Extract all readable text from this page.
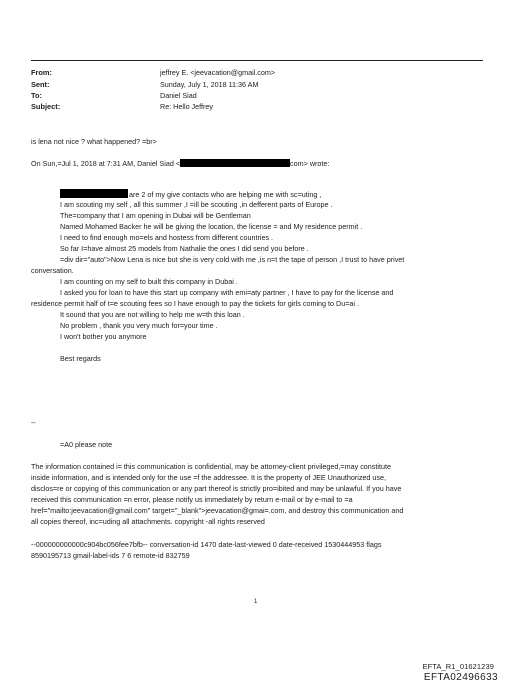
From:
Sent:
To:
Subject:
jeffrey E. <jeevacation@gmail.com>
Sunday, July 1, 2018 11:36 AM
Daniel Siad
Re: Hello Jeffrey
is lena not nice ? what happened? =br>
On Sun,=Jul 1, 2018 at 7:31 AM, Daniel Siad <	com> wrote:
are 2 of my give contacts who are helping me with sc=uting ,
I am scouting my self , all this summer ,I =ill be scouting ,in defferent parts of Europe .
The=company that I am opening in Dubai will be Gentleman
Named Mohamed Backer he will be giving the location, the license = and My residence permit .
I need to find enough mo=els and hostess from different countries .
So far I=have almost 25 models from Nathalie the ones I did send you before .
=div dir="auto">Now Lena is nice but she is very cold with me ,is n=t the tape of person ,I trust to have privet
conversation.
I am counting on my self to built this company in Dubai .
I asked you for loan to have this start up company with emi=aty partner , I have to pay for the license and
residence permit half of t=e scouting fees so I have enough to pay the tickets for girls coming to Du=ai .
It sound that you are not willing to help me w=th this loan .
No problem , thank you very much for=your time .
I won't bother you anymore
Best regards
--
=A0 please note
The information contained i= this communication is confidential, may be attorney-client privileged,=may constitute
inside information, and is intended only for the use =f the addressee. It is the property of JEE Unauthorized use,
disclos=re or copying of this communication or any part thereof is strictly pro=ibited and may be unlawful. If you have
received this communication =n error, please notify us immediately by return e-mail or by e-mail to =a
href="mailto:jeevacation@gmail.com" target="_blank">jeevacation@gmai=.com, and destroy this communication and
all copies thereof, inc=uding all attachments. copyright -all rights reserved
--000000000000c904bc056fee7bfb-- conversation-id 1470 date-last-viewed 0 date-received 1530444953 flags
8590195713 gmail-label-ids 7 6 remote-id 832759
1
EFTA_R1_01621239
EFTA02496633
